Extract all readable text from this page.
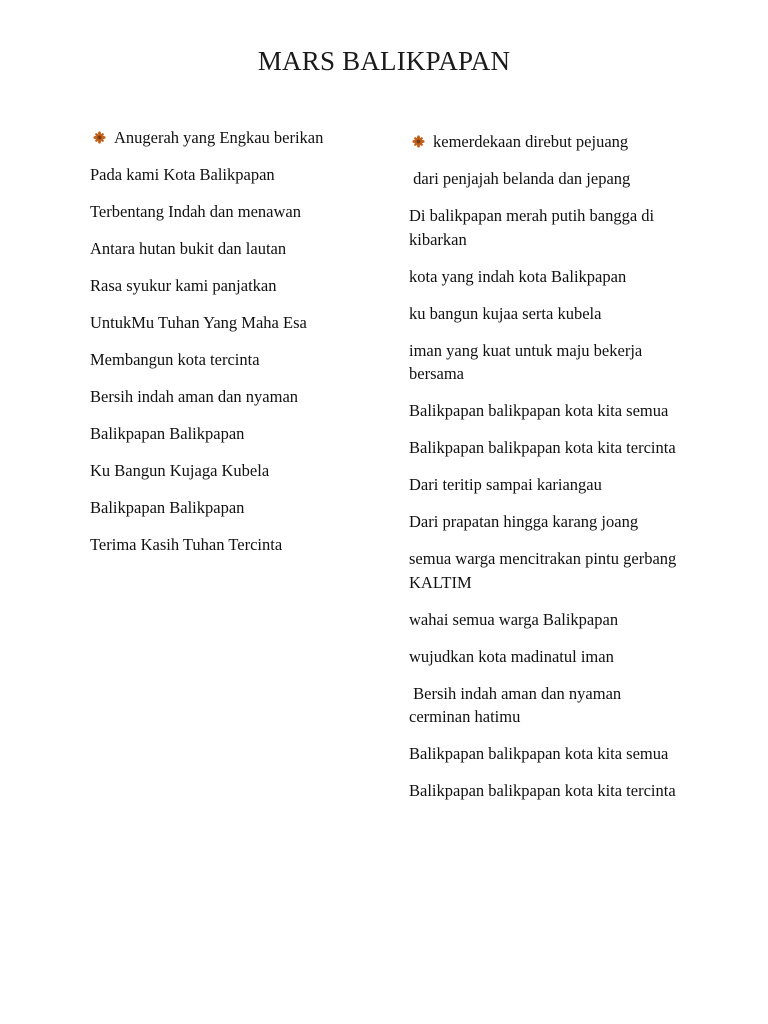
MARS BALIKPAPAN
Anugerah yang Engkau berikan
Pada kami Kota Balikpapan
Terbentang Indah dan menawan
Antara hutan bukit dan lautan
Rasa syukur kami panjatkan
UntukMu Tuhan Yang Maha Esa
Membangun kota tercinta
Bersih indah aman dan nyaman
Balikpapan Balikpapan
Ku Bangun Kujaga Kubela
Balikpapan Balikpapan
Terima Kasih Tuhan Tercinta
kemerdekaan direbut pejuang
dari penjajah belanda dan jepang
Di balikpapan merah putih bangga di kibarkan
kota yang indah kota Balikpapan
ku bangun kujaa serta kubela
iman yang kuat untuk maju bekerja bersama
Balikpapan balikpapan kota kita semua
Balikpapan balikpapan kota kita tercinta
Dari teritip sampai kariangau
Dari prapatan hingga karang joang
semua warga mencitrakan pintu gerbang KALTIM
wahai semua warga Balikpapan
wujudkan kota madinatul iman
Bersih indah aman dan nyaman cerminan hatimu
Balikpapan balikpapan kota kita semua
Balikpapan balikpapan kota kita tercinta
